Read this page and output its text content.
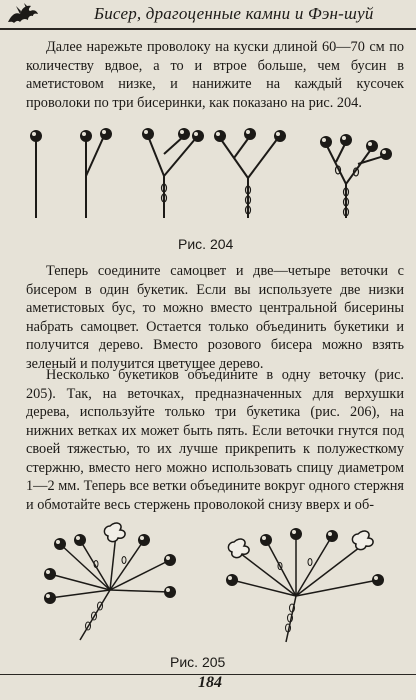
Бисер, драгоценные камни и Фэн-шуй

Далее нарежьте проволоку на куски длиной 60—70 см по количеству вдвое, а то и втрое больше, чем бусин в аметистовом низке, и нанижите на каждый кусочек проволоки по три бисеринки, как показано на рис. 204.

Рис. 204

Теперь соедините самоцвет и две—четыре веточки с бисером в один букетик. Если вы используете две низки аметистовых бус, то можно вместо центральной бисерины набрать самоцвет. Остается только объединить букетики и получится дерево. Вместо розового бисера можно взять зеленый и получится цветущее дерево.

Несколько букетиков объедините в одну веточку (рис. 205). Так, на веточках, предназначенных для верхушки дерева, используйте только три букетика (рис. 206), на нижних ветках их может быть пять. Если веточки гнутся под своей тяжестью, то их лучше прикрепить к полужесткому стержню, вместо него можно использовать спицу диаметром 1—2 мм. Теперь все ветки объедините вокруг одного стержня и обмотайте весь стержень проволокой снизу вверх и об-

Рис. 205
184
